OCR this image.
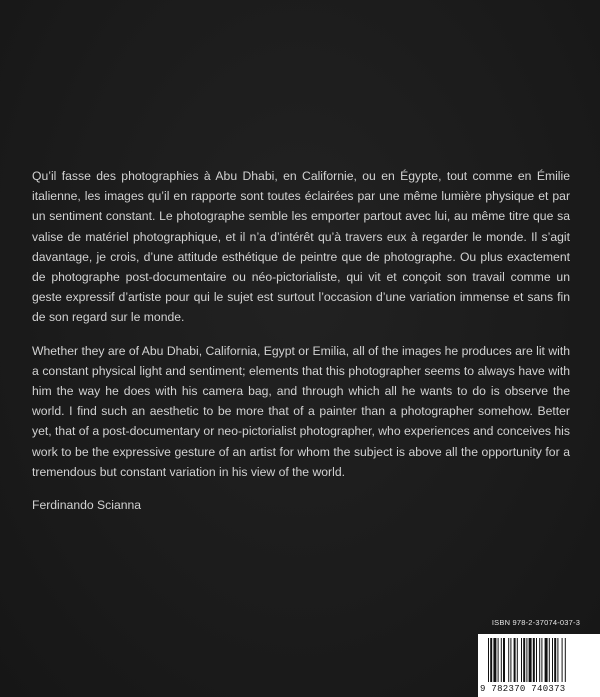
Qu’il fasse des photographies à Abu Dhabi, en Californie, ou en Égypte, tout comme en Émilie italienne, les images qu’il en rapporte sont toutes éclairées par une même lumière physique et par un sentiment constant. Le photographe semble les emporter partout avec lui, au même titre que sa valise de matériel photographique, et il n’a d’intérêt qu’à travers eux à regarder le monde. Il s’agit davantage, je crois, d’une attitude esthétique de peintre que de photographe. Ou plus exactement de photographe post-documentaire ou néo-pictorialiste, qui vit et conçoit son travail comme un geste expressif d’artiste pour qui le sujet est surtout l’occasion d’une variation immense et sans fin de son regard sur le monde.

Whether they are of Abu Dhabi, California, Egypt or Emilia, all of the images he produces are lit with a constant physical light and sentiment; elements that this photographer seems to always have with him the way he does with his camera bag, and through which all he wants to do is observe the world. I find such an aesthetic to be more that of a painter than a photographer somehow. Better yet, that of a post-documentary or neo-pictorialist photographer, who experiences and conceives his work to be the expressive gesture of an artist for whom the subject is above all the opportunity for a tremendous but constant variation in his view of the world.

Ferdinando Scianna

ISBN 978-2-37074-037-3
9 782370 740373
